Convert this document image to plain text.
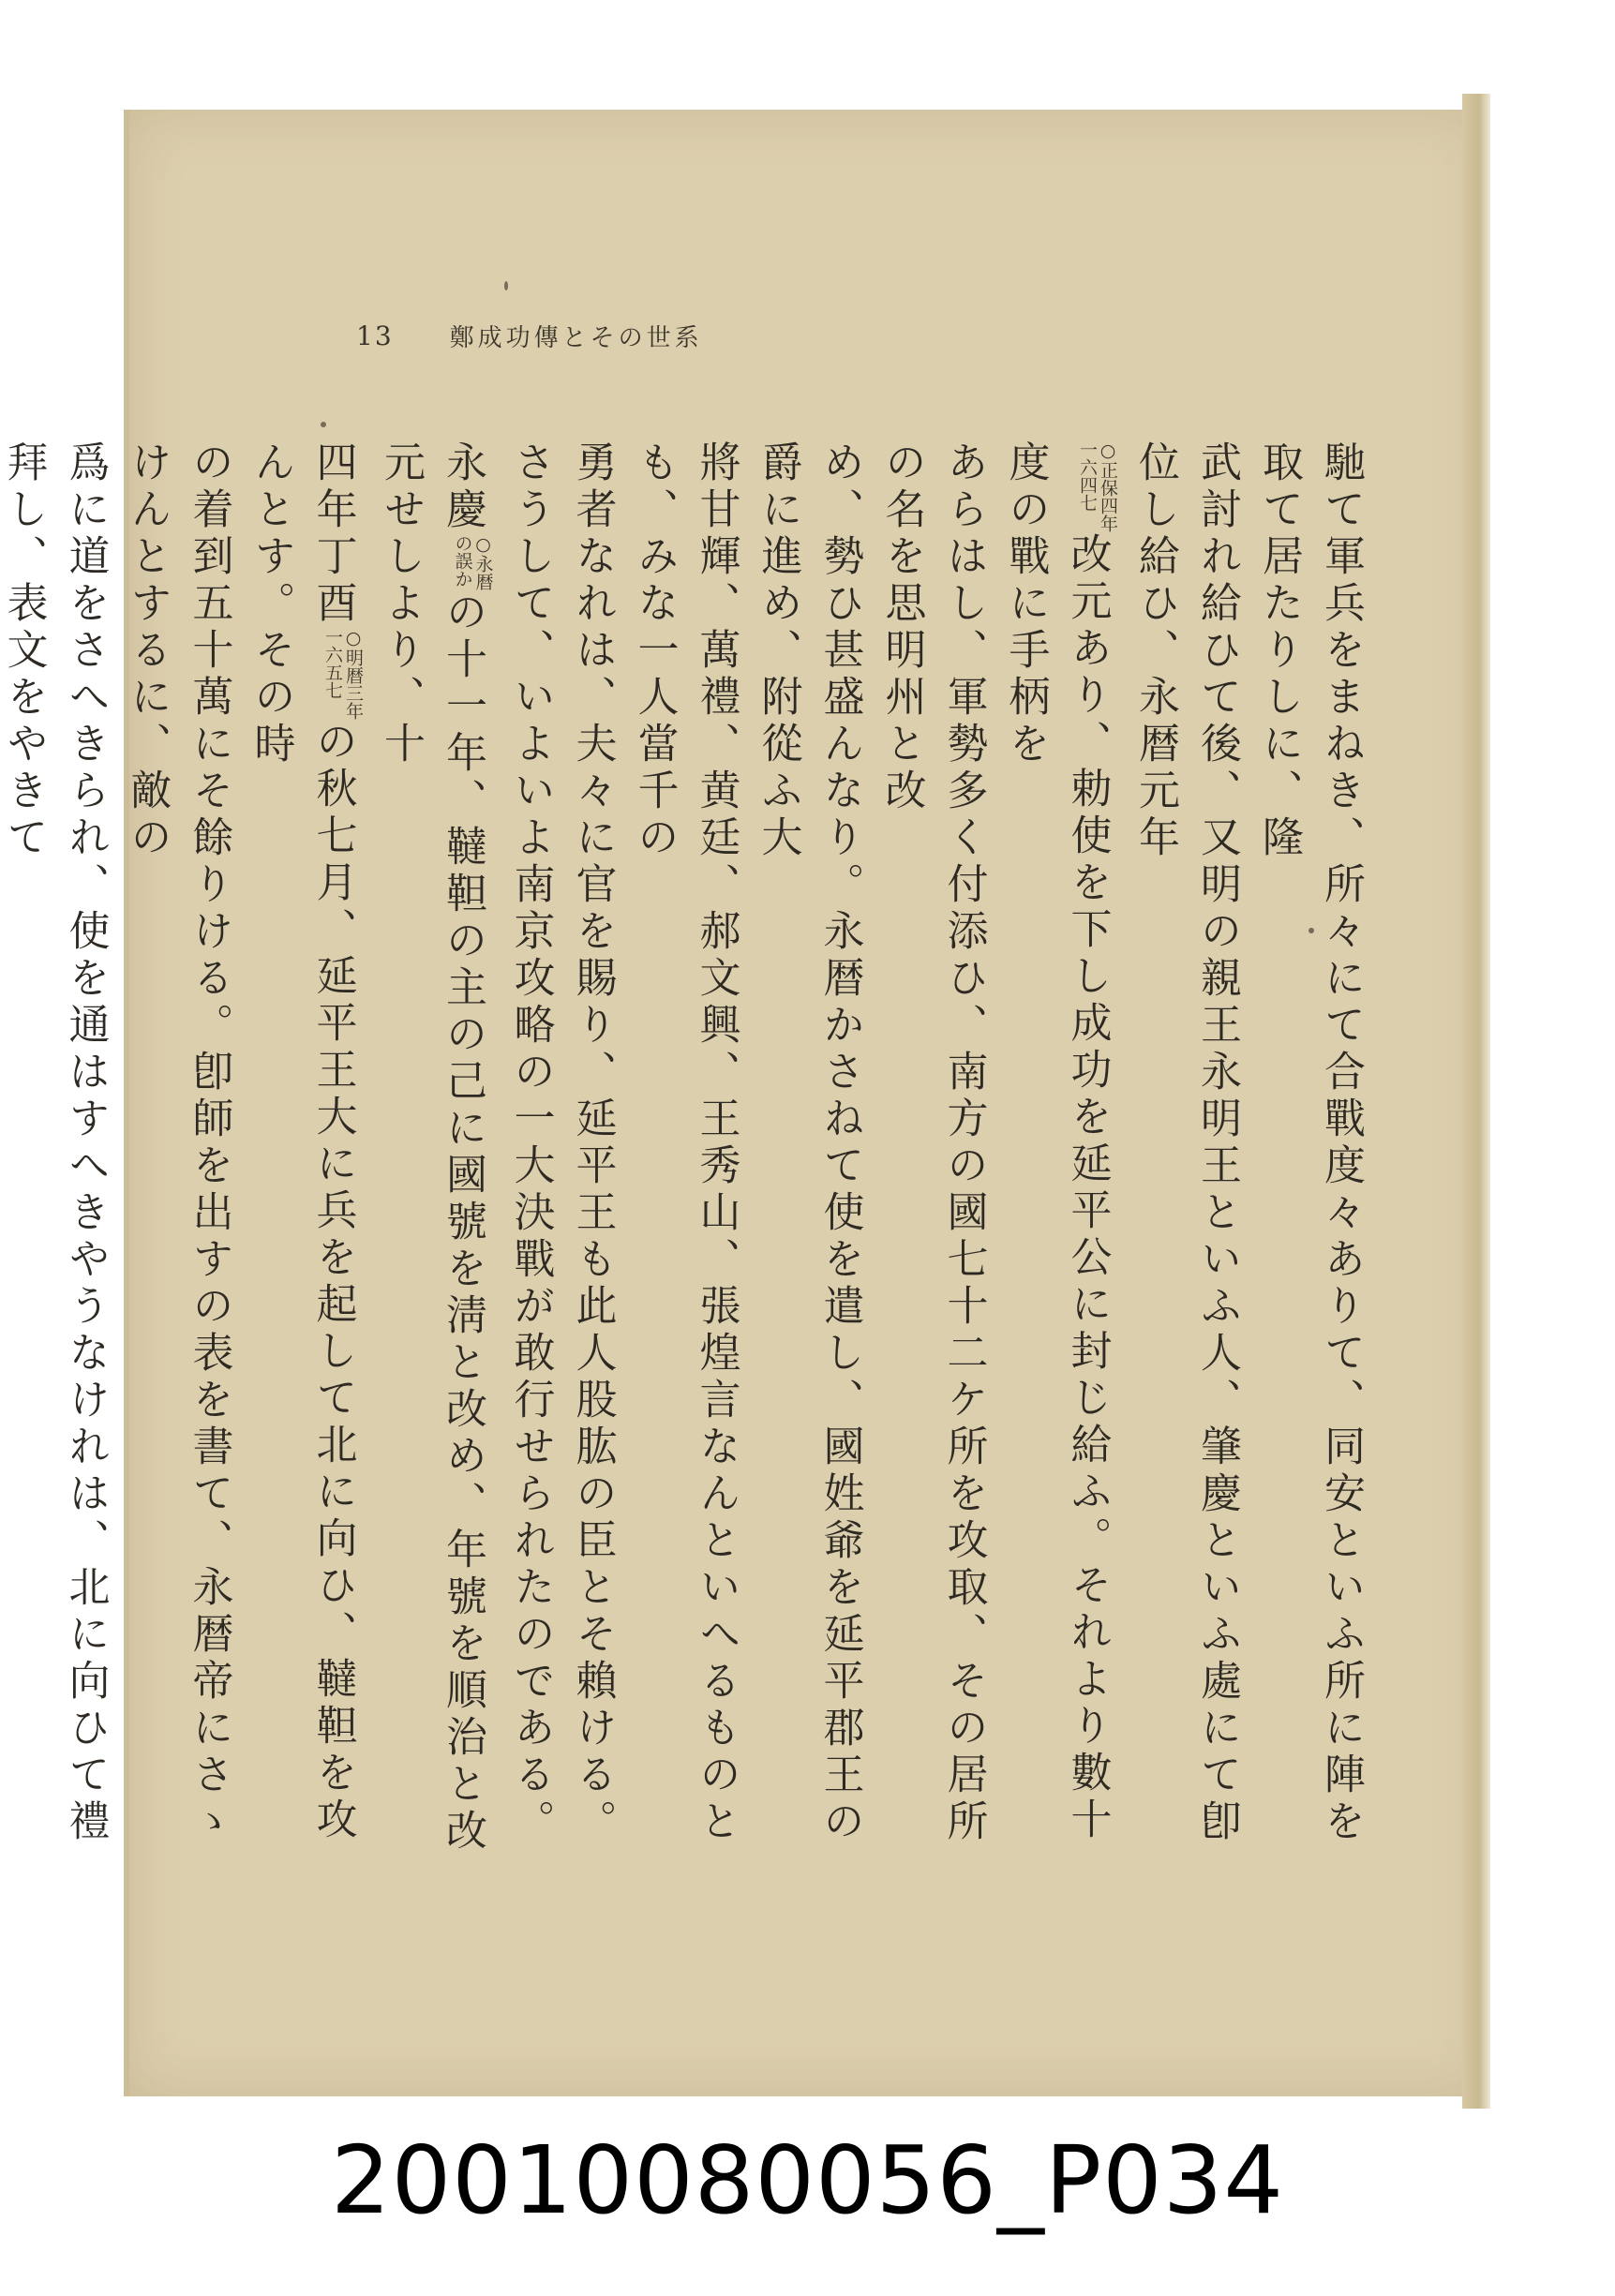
13 鄭成功傳とその世系

馳て軍兵をまねき、所々にて合戰度々ありて、同安といふ所に陣を取て居たりしに、隆

武討れ給ひて後、又明の親王永明王といふ人、肇慶といふ處にて卽位し給ひ、永暦元年

○正保四年
一六四七
改元あり、勅使を下し成功を延平公に封じ給ふ。それより數十度の戰に手柄を

あらはし、軍勢多く付添ひ、南方の國七十二ケ所を攻取、その居所の名を思明州と改

め、勢ひ甚盛んなり。永暦かさねて使を遣し、國姓爺を延平郡王の爵に進め、附從ふ大

將甘輝、萬禮、黄廷、郝文興、王秀山、張煌言なんといへるものとも、みな一人當千の

勇者なれは、夫々に官を賜り、延平王も此人股肱の臣とそ賴ける。

さうして、いよいよ南京攻略の一大決戰が敢行せられたのである。

永慶
○永暦
の誤か
の十一年、韃靼の主の己に國號を淸と改め、年號を順治と改元せしより、十

四年丁酉
○明暦三年
一六五七
の秋七月、延平王大に兵を起して北に向ひ、韃靼を攻んとす。その時

の着到五十萬にそ餘りける。卽師を出すの表を書て、永暦帝にさゝけんとするに、敵の

爲に道をさへきられ、使を通はすへきやうなけれは、北に向ひて禮拜し、表文をやきて

20010080056_P034
